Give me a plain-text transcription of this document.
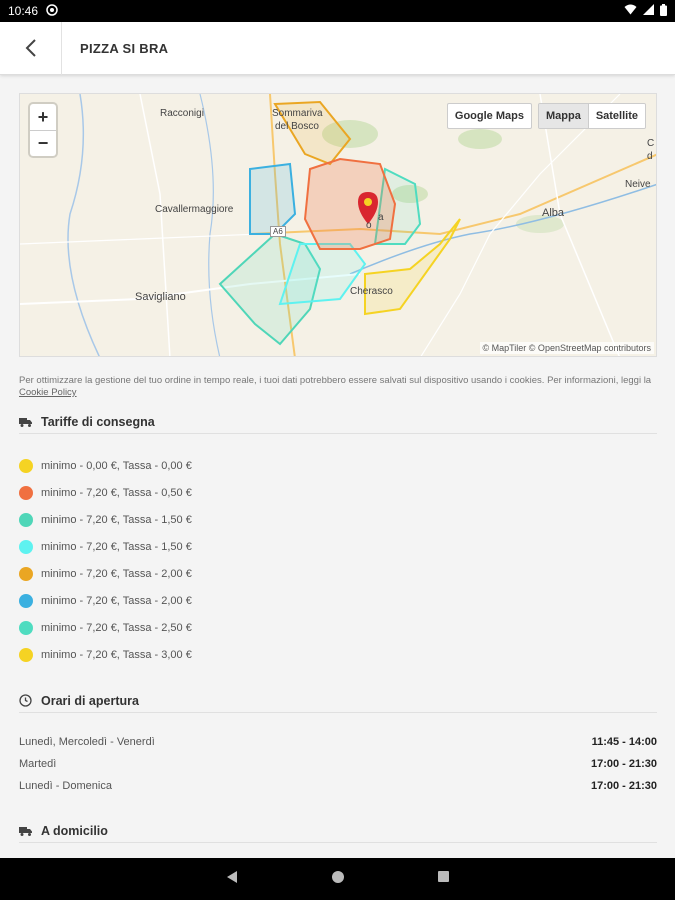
10:46
PIZZA SI BRA
Racconigi	Sommariva
del Bosco
Cavallermaggiore
Savigliano	Cherasco
Alba
Neive
A6
a
o
C
d
+
−
Google Maps	Mappa	Satellite
© MapTiler © OpenStreetMap contributors
Per ottimizzare la gestione del tuo ordine in tempo reale, i tuoi dati potrebbero essere salvati sul dispositivo usando i cookies. Per informazioni, leggi la Cookie Policy
Tariffe di consegna
minimo - 0,00 €, Tassa - 0,00 €
minimo - 7,20 €, Tassa - 0,50 €
minimo - 7,20 €, Tassa - 1,50 €
minimo - 7,20 €, Tassa - 1,50 €
minimo - 7,20 €, Tassa - 2,00 €
minimo - 7,20 €, Tassa - 2,00 €
minimo - 7,20 €, Tassa - 2,50 €
minimo - 7,20 €, Tassa - 3,00 €
Orari di apertura
Lunedì, Mercoledì - Venerdì	11:45 - 14:00
Martedì	17:00 - 21:30
Lunedì - Domenica	17:00 - 21:30
A domicilio
